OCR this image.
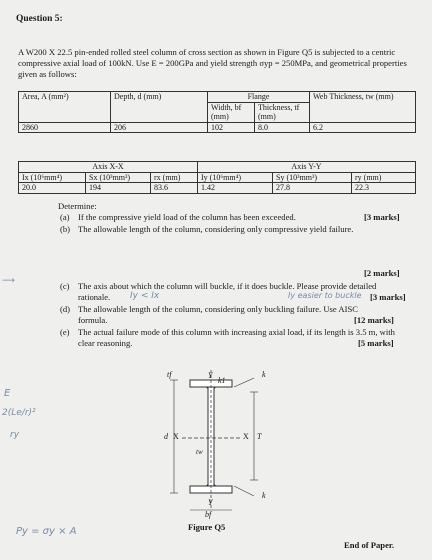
Question 5:
A W200 X 22.5 pin-ended rolled steel column of cross section as shown in Figure Q5 is subjected to a centric compressive axial load of 100kN. Use E = 200GPa and yield strength σyp = 250MPa, and geometrical properties given as follows:
Area, A (mm²)	Depth, d (mm)	Flange		Web Thickness, tw (mm)
		Width, bf (mm)	Thickness, tf (mm)	
2860	206	102	8.0	6.2
Axis X-X			Axis Y-Y		
Ix (10⁶mm⁴)	Sx (10³mm³)	rx (mm)	Iy (10⁶mm⁴)	Sy (10³mm³)	ry (mm)
20.0	194	83.6	1.42	27.8	22.3
Determine:
(a) If the compressive yield load of the column has been exceeded.	[3 marks]
(b) The allowable length of the column, considering only compressive yield failure.
[2 marks]
(c) The axis about which the column will buckle, if it does buckle. Please provide detailed rationale.	[3 marks]
(d) The allowable length of the column, considering only buckling failure. Use AISC formula.	[12 marks]
(e) The actual failure mode of this column with increasing axial load, if its length is 3.5 m, with clear reasoning.	[5 marks]
Iy < Ix	Iy easier to buckle
⟶
E
2(Le/r)²
ry
Py = σy × A
tf	Y
k1
k
d X	X T
tw
k
Y
bf
Figure Q5
End of Paper.
